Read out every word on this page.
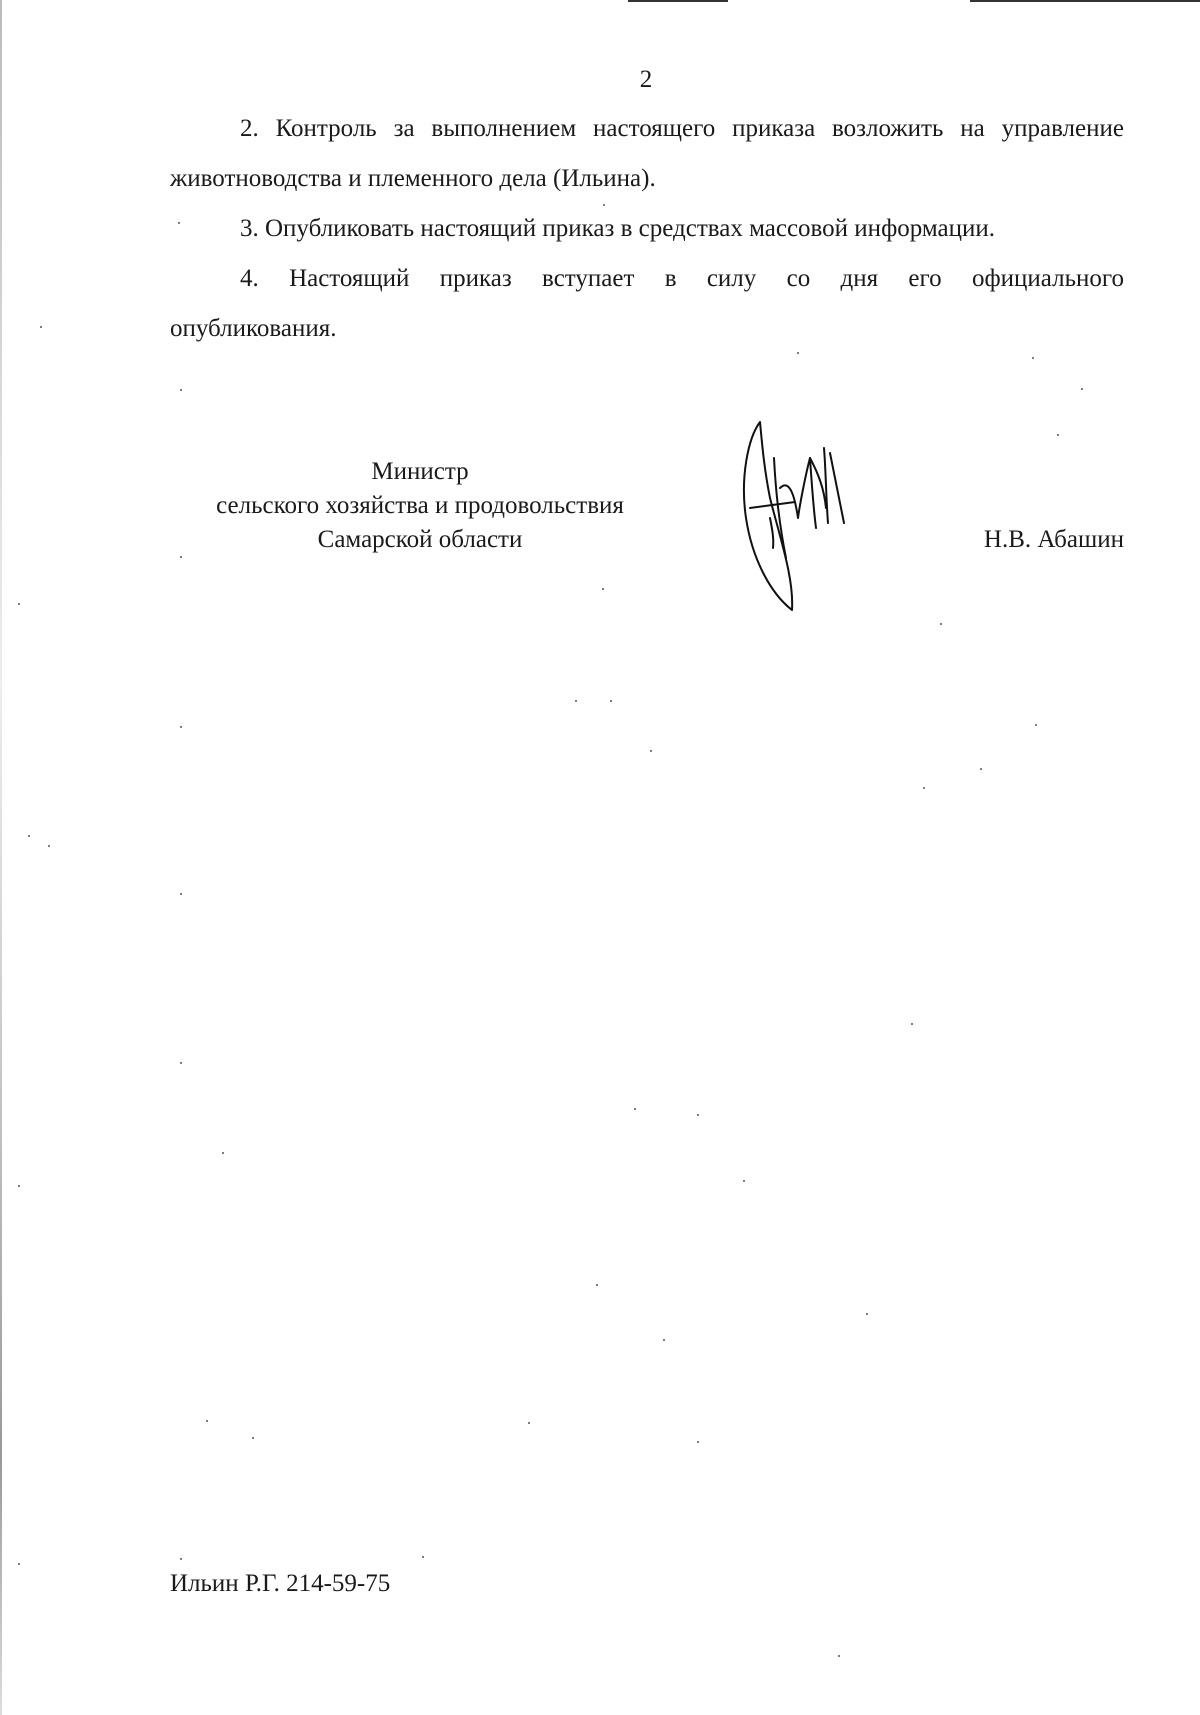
2
2. Контроль за выполнением настоящего приказа возложить на управление животноводства и племенного дела (Ильина).
3. Опубликовать настоящий приказ в средствах массовой информации.
4. Настоящий приказ вступает в силу со дня его официального
опубликования.
Министр
сельского хозяйства и продовольствия
Самарской области	Н.В. Абашин
Ильин Р.Г. 214-59-75
